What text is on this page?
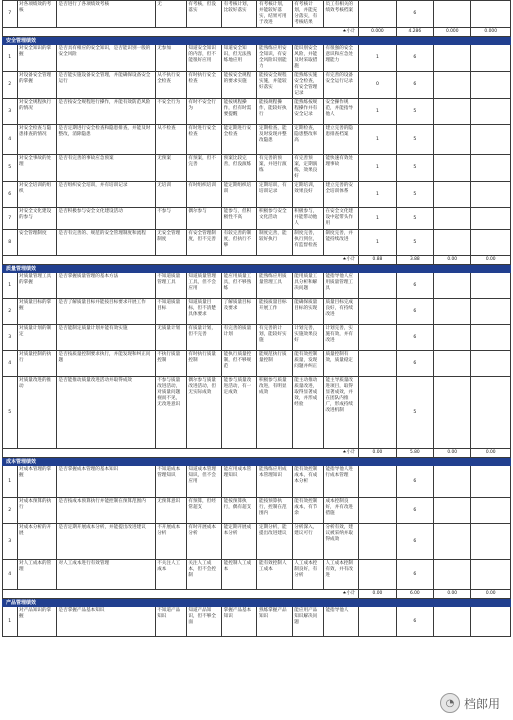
7	对各项绩效的考核	是否进行了各项绩效考核	无	有考核，但没落实	有考核计划，比较好落实	有考核计划，并能较好落实，结果可用于改进	有考核计划，并能充分落实，有考核结果	员工有相关的绩效考核档案		6		
★小计									0.000	4.286	0.000	0.000
安全管理绩效												
1	对安全知识的掌握	是否具有相应的安全知识，是否能识别一般的安全风险	无参加	知道安全知识的内容，但不能很好应用	知道安全知识，但无法熟练地应用	能熟练应用安全知识，有安全风险识别能力	能识别安全风险，并能及时采取措施	有很强的安全意识和应急处理能力	1	6		
2	对设备安全管理的掌握	是否能实施设备安全管理，并能确保设备安全运行	从不执行安全检查	有时执行安全检查	能按安全规程的要求实施	能按安全规程实施，并能较好落实	能熟练实施安全检查，有安全管理记录	有完善的设备安全运行记录	0	6		
3	对安全规程执行的情况	是否按安全规程进行操作，并能有效防范风险	不安全行为	有时不安全行为	能按规程操作，但有时需要提醒	能按规程操作，能较好执行	能熟练按规程操作并有安全记录	安全操作规范，并能指导他人	1	5		
4	对安全检查与隐患排查的情况	是否定期进行安全检查和隐患排查，并能及时整改，消除隐患	从不检查	有时进行安全检查	能定期进行安全检查	定期检查，能及时发现并整改隐患	定期检查，隐患整改率高	建立完善的隐患排查档案	1	5		
5	对安全事故的处理	是否有完善的事故应急预案	无预案	有预案，但不完善	预案比较完善，但没演练	有完善的预案，并进行演练	有完善预案，定期演练，效果良好	能快速有效处理事故	1	5		
6	对安全培训的组织	是否组织安全培训，并有培训记录	无培训	有时组织培训	能定期组织培训	定期培训，有培训记录	定期培训，效果良好	建立完善的安全培训体系	1	5		
7	对安全文化建设的参与	是否积极参与安全文化建设活动	不参与	偶尔参与	能参与，但积极性不高	积极参与安全文化活动	积极参与，并能带动他人	在安全文化建设中起带头作用	1	5		
8	安全管理制度	是否有完善的、规范的安全管理制度和流程	无安全管理制度	有安全管理制度，但不完善	有较完善的制度，但执行不够	制度完善，能较好执行	制度完善，执行到位，有监督检查	制度完善，并能持续改进	1	5		
★小计									0.88	3.88	0.00	0.00
质量管理绩效												
1	对质量管理工具的掌握	是否掌握质量管理的基本方法	不知道质量管理工具	知道质量管理工具，但不会应用	能应用质量工具，但不够熟练	能熟练应用质量管理工具	能用质量工具分析和解决问题	能指导他人应用质量管理工具		6		
2	对质量目标的掌握	是否了解质量目标并能按目标要求开展工作	不知道质量目标	知道质量目标，但不清楚具体要求	了解质量目标及要求	能按质量目标开展工作	能确保质量目标的实现	质量目标完成良好，有持续改进		6		
3	对质量计划的制定	是否能制定质量计划并能有效实施	无质量计划	有质量计划，但不完善	有完善的质量计划	有完善的计划，能较好实施	计划完善，实施效果良好	计划完善，实施有效，并有改进		6		
4	对质量控制的执行	是否按质量控制要求执行，并能发现和纠正问题	不执行质量控制	有时执行质量控制	能执行质量控制，但不够规范	能规范执行质量控制	能有效控制质量，发现问题并纠正	质量控制有效，质量稳定		6		
5	对质量改进的推动	是否能推动质量改进活动并取得成效	不参与质量改进活动，对质量问题视而不见，无改进意识	偶尔参与质量改进活动，但无实际成效	能参与质量改进活动，有一定成效	积极参与质量改进，有明显成效	能主动推动质量改进，取得显著成效，并形成经验	能主导质量改进项目，取得显著成效，并在团队内推广，形成持续改进机制		5		
★小计									0.00	5.80	0.00	0.00
成本管理绩效												
1	对成本管理的掌握	是否掌握成本管理的基本知识	不知道成本管理知识	知道成本管理知识，但不会应用	能应用成本管理知识	能熟练应用成本管理知识	能有效控制成本，有成本分析	能指导他人进行成本管理		6		
2	对成本预算的执行	是否按成本预算执行并能控制在预算范围内	无预算意识	有预算，但经常超支	能按预算执行，偶有超支	能按预算执行，控制在范围内	能有效控制成本，有节余	成本控制良好，并有改进措施		6		
3	对成本分析的开展	是否定期开展成本分析，并能提出改进建议	不开展成本分析	有时开展成本分析	能定期开展成本分析	定期分析，能提出改进建议	分析深入，建议可行	分析有效，建议被采纳并取得成效		6		
4	对人工成本的管理	对人工成本进行有效管理	不关注人工成本	关注人工成本，但不会控制	能控制人工成本	能有效控制人工成本	人工成本控制良好，有分析	人工成本控制有效，并有改进		6		
★小计									0.00	6.00	0.00	0.00
产品管理绩效												
1	对产品知识的掌握	是否掌握产品基本知识	不知道产品知识	知道产品知识，但不够全面	掌握产品基本知识	熟练掌握产品知识	能应用产品知识解决问题	能指导他人		6		
◔ 档郎用
